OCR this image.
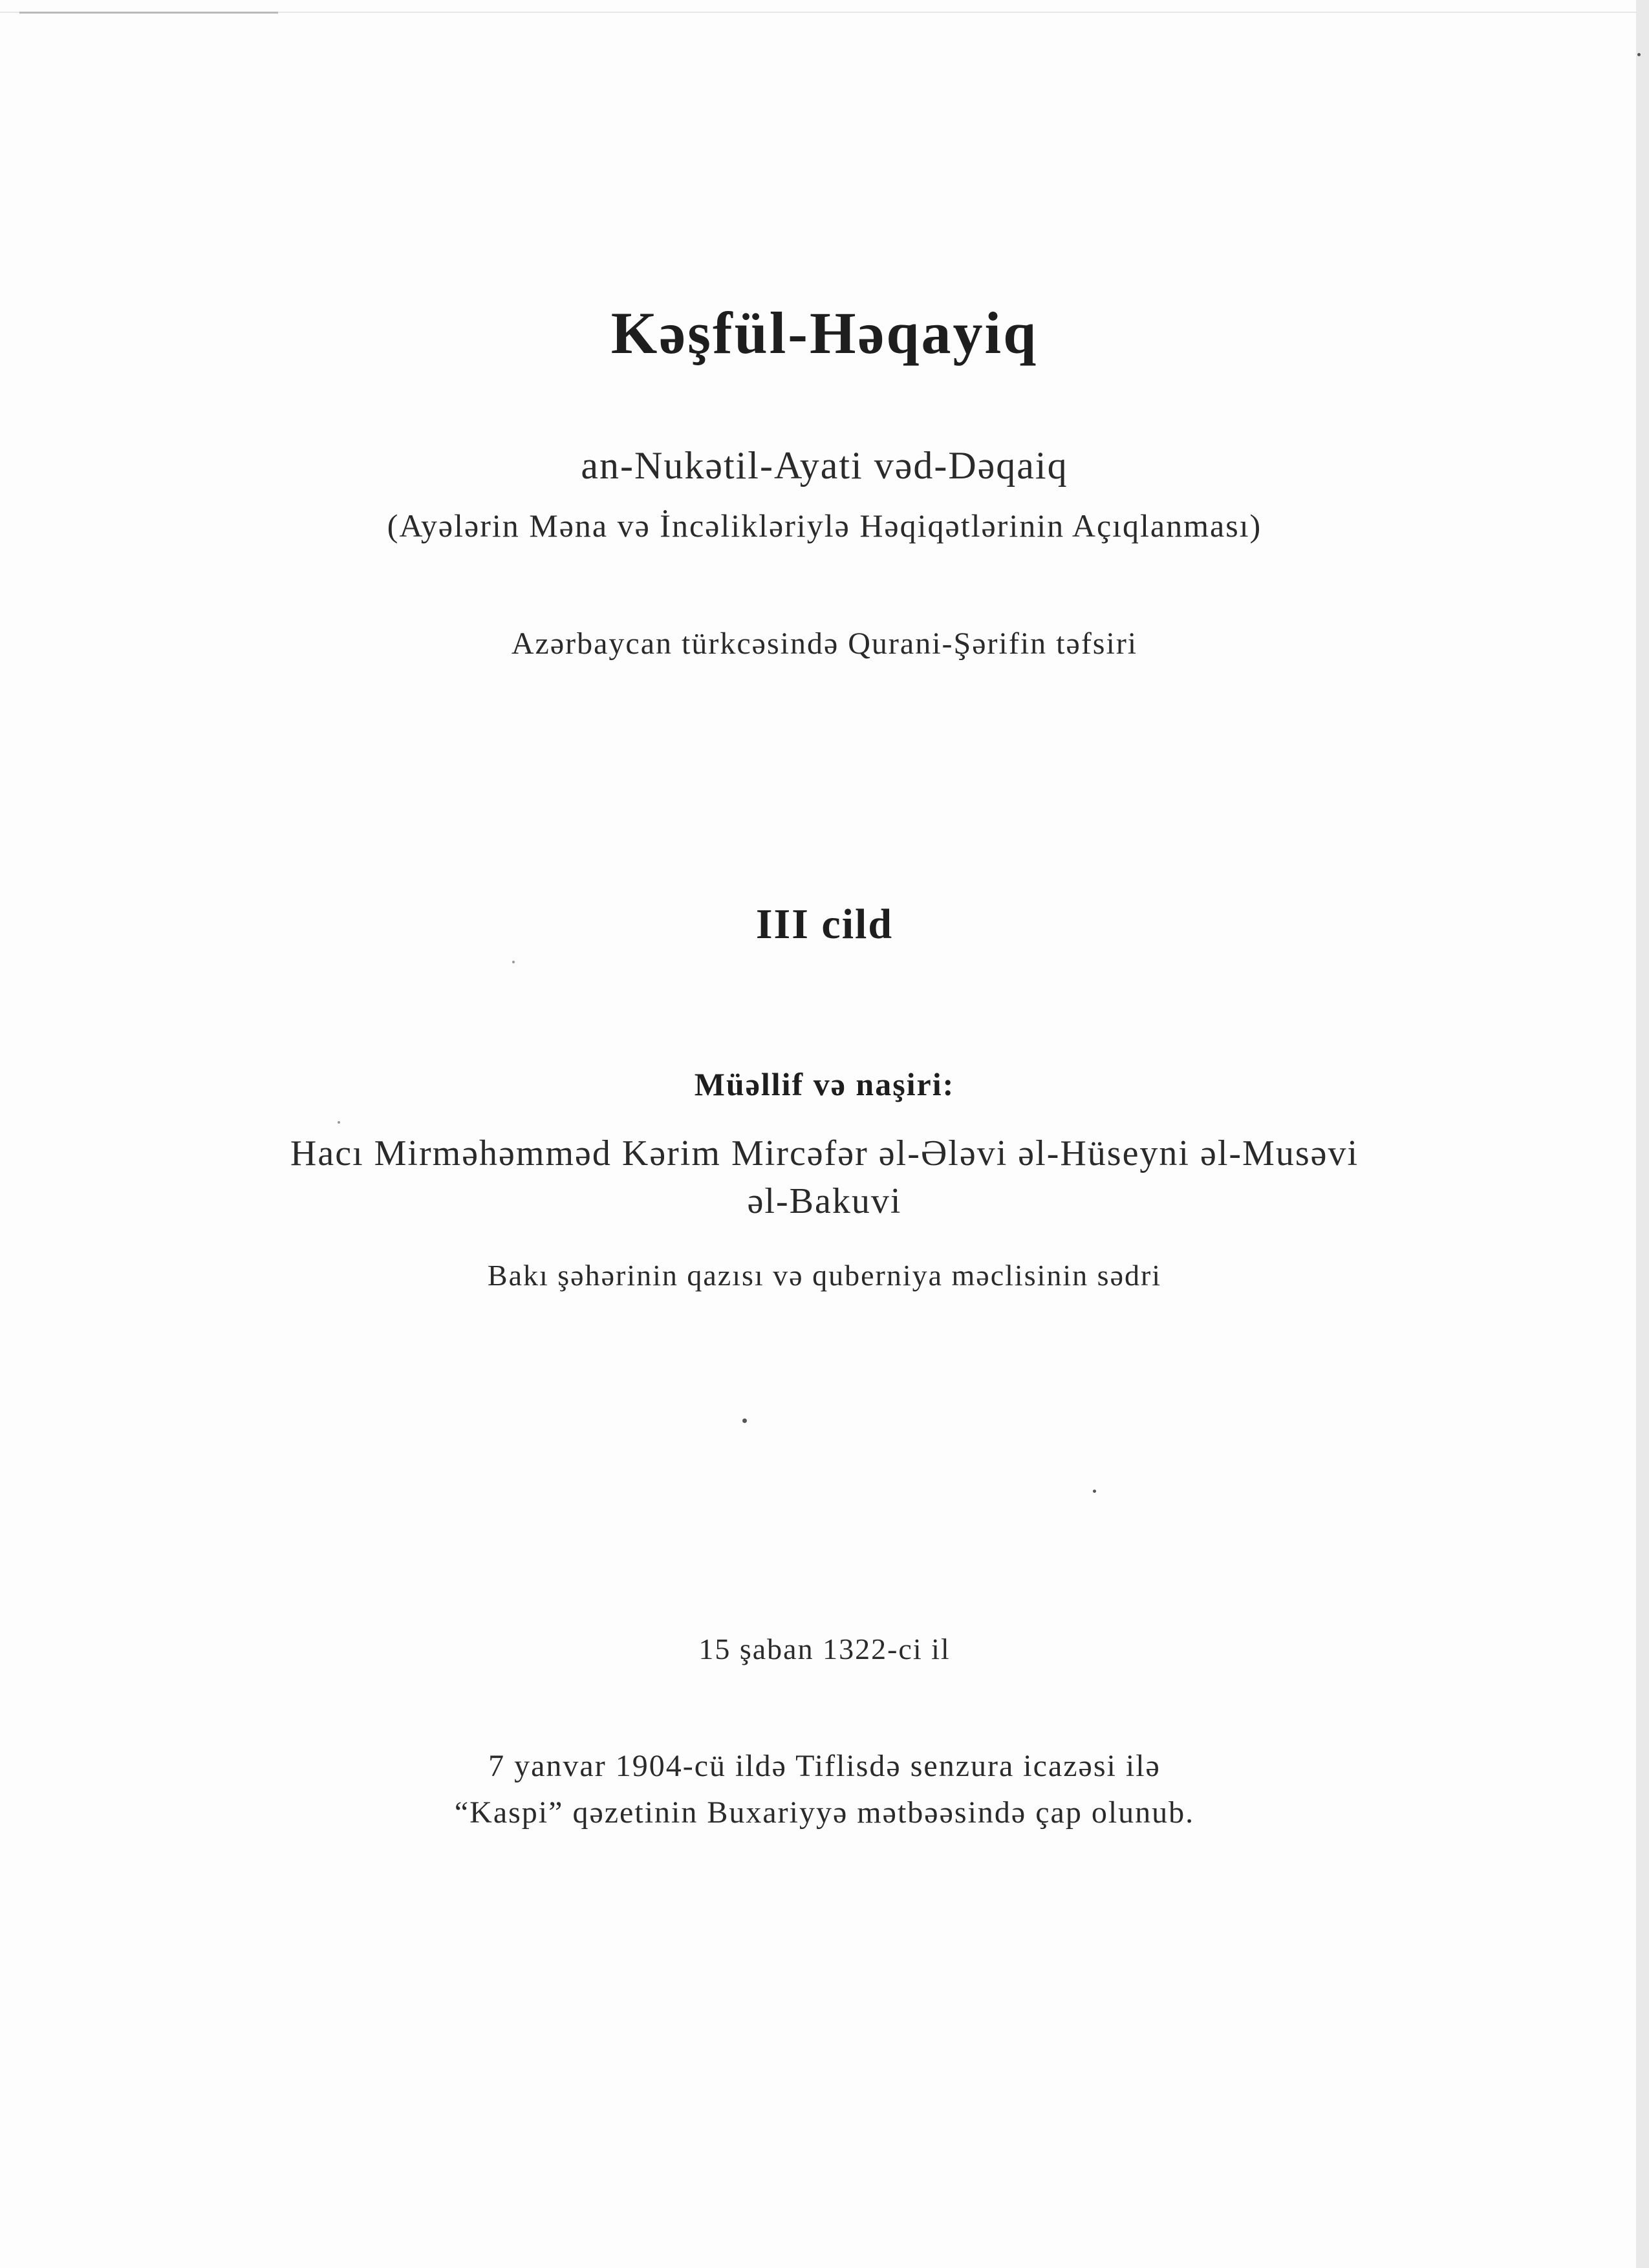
Kəşfül-Həqayiq
an-Nukətil-Ayati vəd-Dəqaiq
(Ayələrin Məna və İncəlikləriylə Həqiqətlərinin Açıqlanması)
Azərbaycan türkcəsində Qurani-Şərifin təfsiri
III cild
Müəllif və naşiri:
Hacı Mirməhəmməd Kərim Mircəfər əl-Ələvi əl-Hüseyni əl-Musəvi
əl-Bakuvi
Bakı şəhərinin qazısı və quberniya məclisinin sədri
15 şaban 1322-ci il
7 yanvar 1904-cü ildə Tiflisdə senzura icazəsi ilə
“Kaspi” qəzetinin Buxariyyə mətbəəsində çap olunub.
